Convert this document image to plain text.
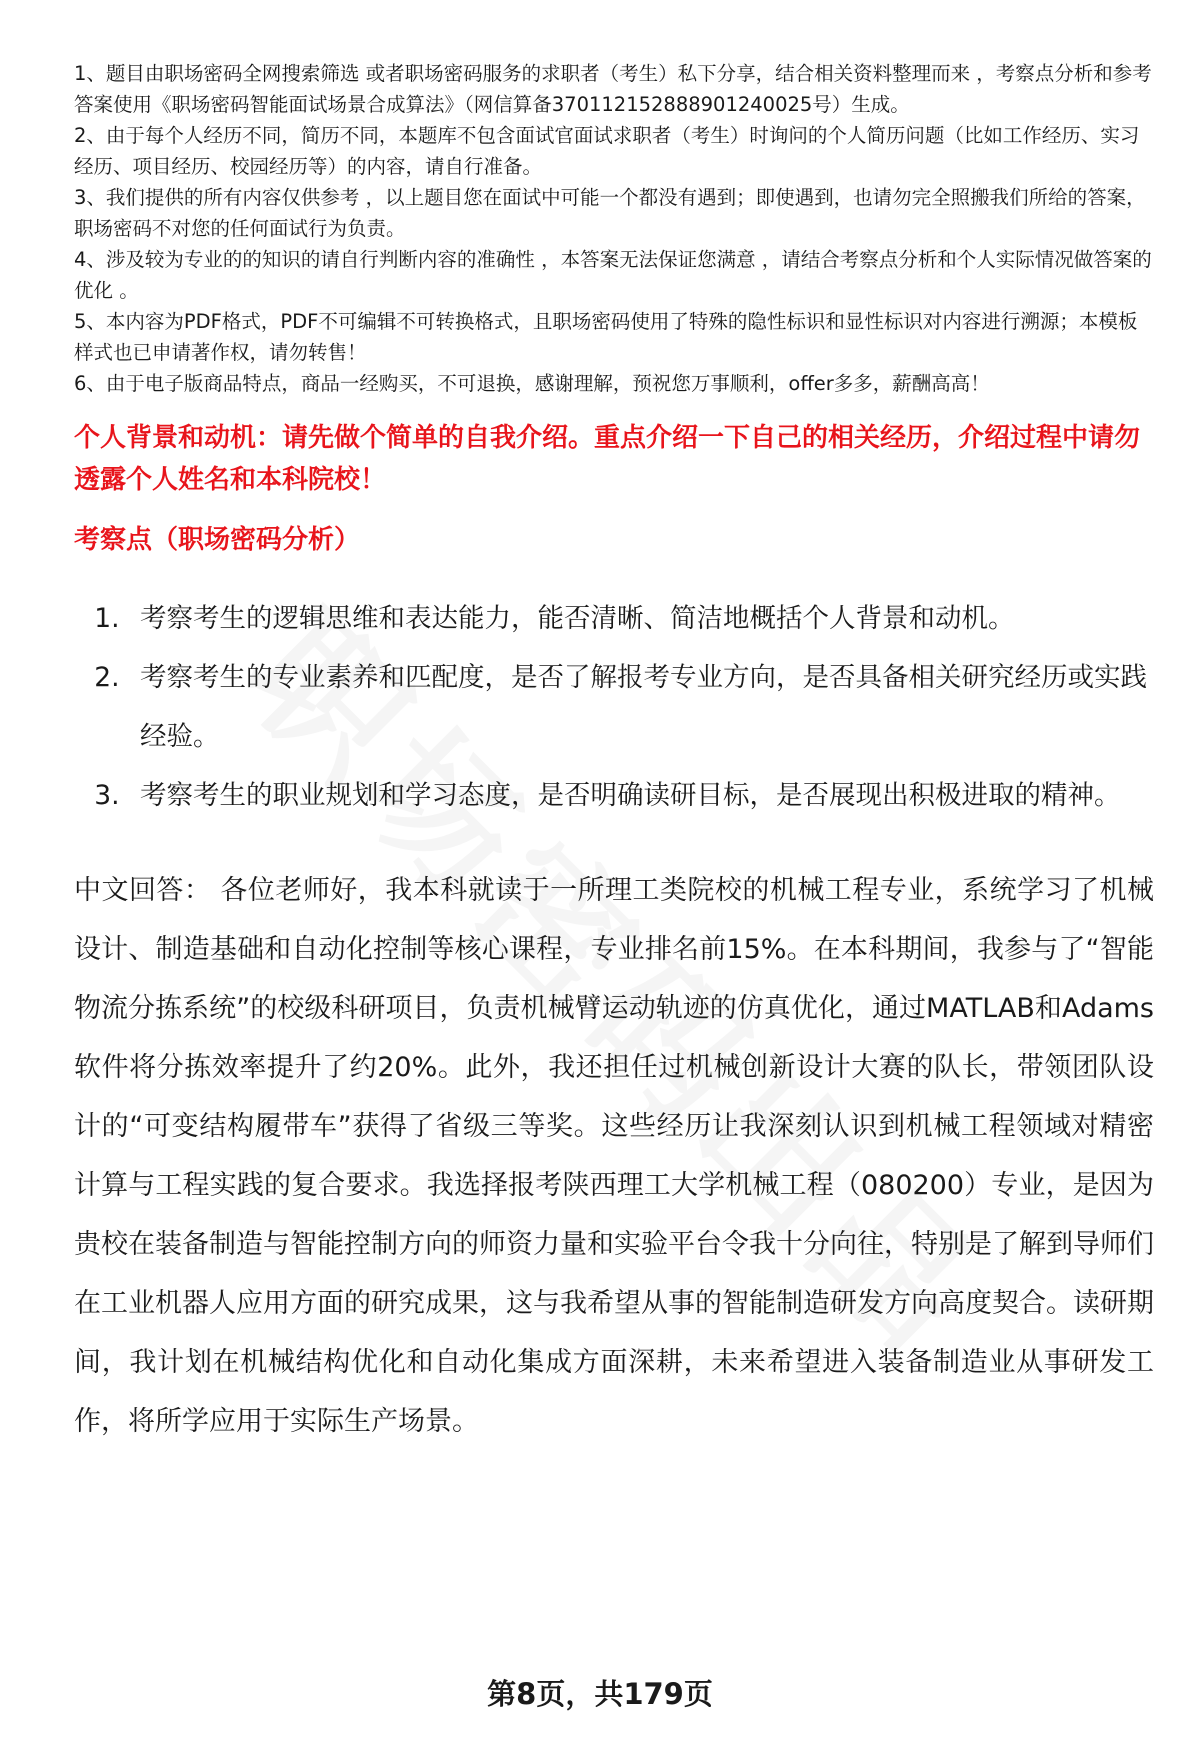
1、题目由职场密码全网搜索筛选 或者职场密码服务的求职者（考生）私下分享，结合相关资料整理而来 ，考察点分析和参考答案使用《职场密码智能面试场景合成算法》（网信算备370112152888901240025号）生成。

2、由于每个人经历不同，简历不同，本题库不包含面试官面试求职者（考生）时询问的个人简历问题（比如工作经历、实习经历、项目经历、校园经历等）的内容，请自行准备。

3、我们提供的所有内容仅供参考 ，以上题目您在面试中可能一个都没有遇到；即使遇到，也请勿完全照搬我们所给的答案，职场密码不对您的任何面试行为负责。

4、涉及较为专业的的知识的请自行判断内容的准确性 ，本答案无法保证您满意 ，请结合考察点分析和个人实际情况做答案的优化 。

5、本内容为PDF格式，PDF不可编辑不可转换格式，且职场密码使用了特殊的隐性标识和显性标识对内容进行溯源；本模板样式也已申请著作权，请勿转售！

6、由于电子版商品特点，商品一经购买，不可退换，感谢理解，预祝您万事顺利，offer多多，薪酬高高！

个人背景和动机：请先做个简单的自我介绍。重点介绍一下自己的相关经历，介绍过程中请勿透露个人姓名和本科院校！
考察点（职场密码分析）
1. 考察考生的逻辑思维和表达能力，能否清晰、简洁地概括个人背景和动机。
2. 考察考生的专业素养和匹配度，是否了解报考专业方向，是否具备相关研究经历或实践经验。
3. 考察考生的职业规划和学习态度，是否明确读研目标，是否展现出积极进取的精神。
中文回答： 各位老师好，我本科就读于一所理工类院校的机械工程专业，系统学习了机械设计、制造基础和自动化控制等核心课程，专业排名前15%。在本科期间，我参与了“智能物流分拣系统”的校级科研项目，负责机械臂运动轨迹的仿真优化，通过MATLAB和Adams软件将分拣效率提升了约20%。此外，我还担任过机械创新设计大赛的队长，带领团队设计的“可变结构履带车”获得了省级三等奖。这些经历让我深刻认识到机械工程领域对精密计算与工程实践的复合要求。我选择报考陕西理工大学机械工程（080200）专业，是因为贵校在装备制造与智能控制方向的师资力量和实验平台令我十分向往，特别是了解到导师们在工业机器人应用方面的研究成果，这与我希望从事的智能制造研发方向高度契合。读研期间，我计划在机械结构优化和自动化集成方面深耕，未来希望进入装备制造业从事研发工作，将所学应用于实际生产场景。
第8页，共179页
